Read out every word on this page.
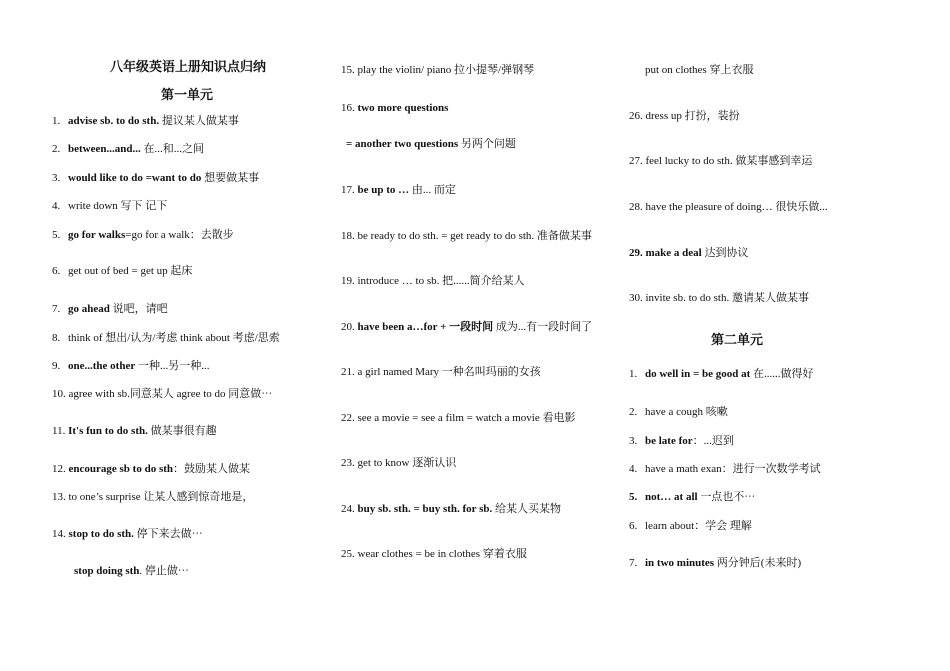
八年级英语上册知识点归纳
第一单元
第二单元
1. advise sb. to do sth. 提议某人做某事
2. between...and... 在...和...之间
3. would like to do =want to do 想要做某事
4. write down 写下 记下
5. go for walks=go for a walk：去散步
6. get out of bed = get up 起床
7. go ahead 说吧，请吧
8. think of 想出/认为/考虑 think about 考虑/思索
9. one...the other 一种...另一种...
10. agree with sb.同意某人 agree to do 同意做⋯
11. It's fun to do sth. 做某事很有趣
12. encourage sb to do sth：鼓励某人做某
13. to one’s surprise 让某人感到惊奇地是，
14. stop to do sth. 停下来去做⋯
stop doing sth. 停止做⋯
15. play the violin/ piano 拉小提琴/弹钢琴
16. two more questions
= another two questions 另两个问题
17. be up to … 由... 而定
18. be ready to do sth. = get ready to do sth. 准备做某事
19. introduce … to sb. 把......简介给某人
20. have been a…for + 一段时间 成为...有一段时间了
21. a girl named Mary 一种名叫玛丽的女孩
22. see a movie = see a film = watch a movie 看电影
23. get to know 逐渐认识
24. buy sb. sth. = buy sth. for sb. 给某人买某物
25. wear clothes = be in clothes 穿着衣服
put on clothes 穿上衣服
26. dress up 打扮，装扮
27. feel lucky to do sth. 做某事感到幸运
28. have the pleasure of doing… 很快乐做...
29. make a deal 达到协议
30. invite sb. to do sth. 邀请某人做某事
1. do well in = be good at 在......做得好
2. have a cough 咳嗽
3. be late for：...迟到
4. have a math exan：进行一次数学考试
5. not… at all 一点也不⋯
6. learn about：学会 理解
7. in two minutes 两分钟后(未来时)
